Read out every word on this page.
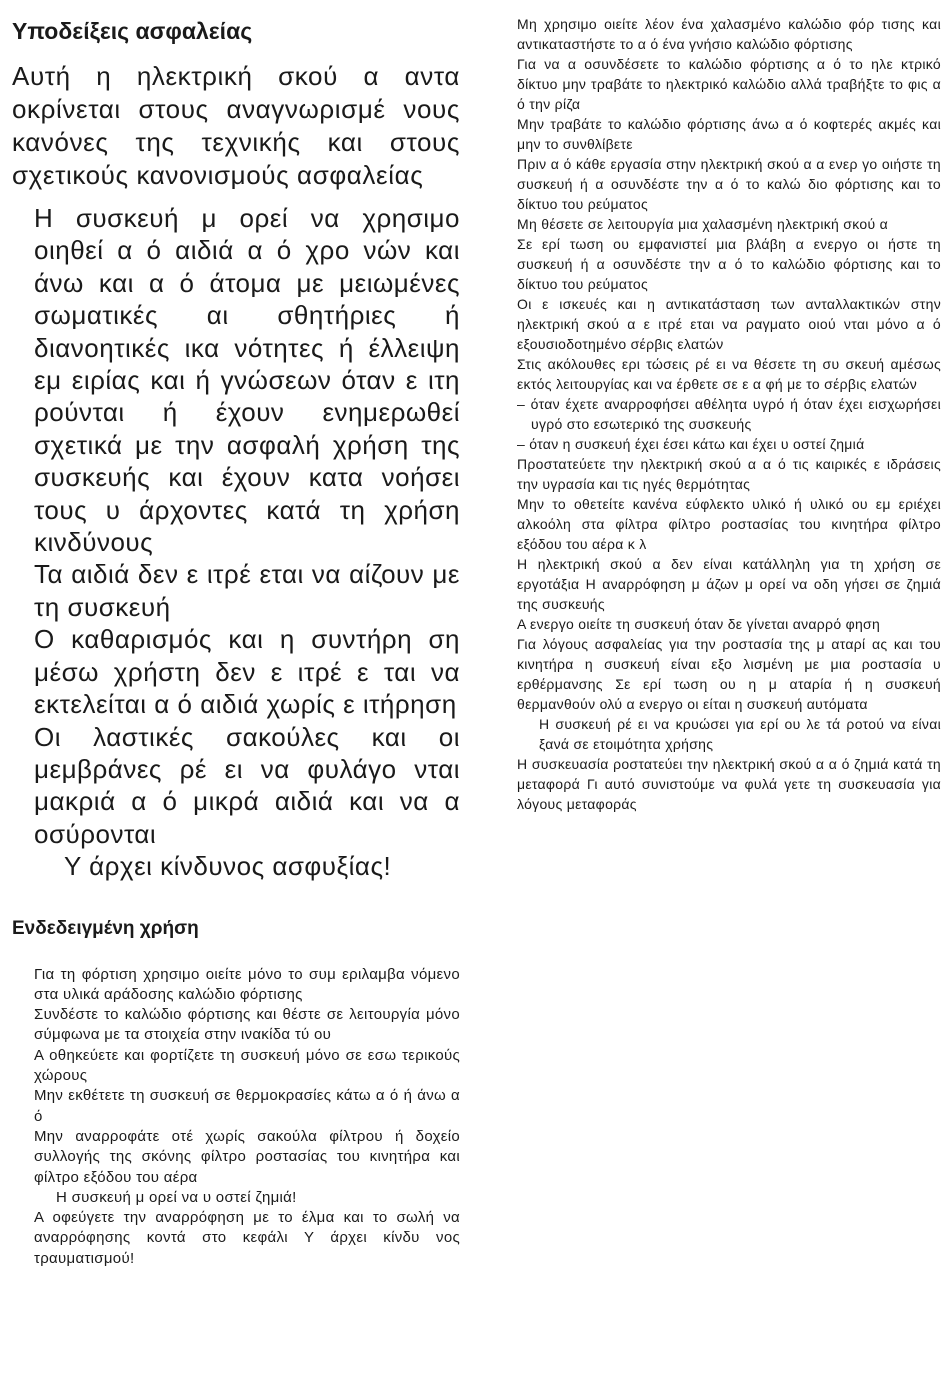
Υποδείξεις ασφαλείας

Αυτή η ηλεκτρική σκού α αντα οκρίνεται στους αναγνωρισμέ νους κανόνες της τεχνικής και στους σχετικούς κανονισμούς ασφαλείας

Η συσκευή μ ορεί να χρησιμο οιηθεί α ό αιδιά α ό χρο νών και άνω και α ό άτομα με μειωμένες σωματικές αι σθητήριες ή διανοητικές ικα νότητες ή έλλειψη εμ ειρίας και ή γνώσεων όταν ε ιτη ρούνται ή έχουν ενημερωθεί σχετικά με την ασφαλή χρήση της συσκευής και έχουν κατα νοήσει τους υ άρχοντες κατά τη χρήση κινδύνους

Τα αιδιά δεν ε ιτρέ εται να αίζουν με τη συσκευή

Ο καθαρισμός και η συντήρη ση μέσω χρήστη δεν ε ιτρέ ε ται να εκτελείται α ό αιδιά χωρίς ε ιτήρηση

Οι λαστικές σακούλες και οι μεμβράνες ρέ ει να φυλάγο νται μακριά α ό μικρά αιδιά και να α οσύρονται

Υ άρχει κίνδυνος ασφυξίας!

Ενδεδειγμένη χρήση

Για τη φόρτιση χρησιμο οιείτε μόνο το συμ εριλαμβα νόμενο στα υλικά αράδοσης καλώδιο φόρτισης

Συνδέστε το καλώδιο φόρτισης και θέστε σε λειτουργία μόνο σύμφωνα με τα στοιχεία στην ινακίδα τύ ου

Α οθηκεύετε και φορτίζετε τη συσκευή μόνο σε εσω τερικούς χώρους

Μην εκθέτετε τη συσκευή σε θερμοκρασίες κάτω α ό ή άνω α ό

Μην αναρροφάτε οτέ χωρίς σακούλα φίλτρου ή δοχείο συλλογής της σκόνης φίλτρο ροστασίας του κινητήρα και φίλτρο εξόδου του αέρα

Η συσκευή μ ορεί να υ οστεί ζημιά!

Α οφεύγετε την αναρρόφηση με το έλμα και το σωλή να αναρρόφησης κοντά στο κεφάλι Υ άρχει κίνδυ νος τραυματισμού!

Μη χρησιμο οιείτε λέον ένα χαλασμένο καλώδιο φόρ τισης και αντικαταστήστε το α ό ένα γνήσιο καλώδιο φόρτισης

Για να α οσυνδέσετε το καλώδιο φόρτισης α ό το ηλε κτρικό δίκτυο μην τραβάτε το ηλεκτρικό καλώδιο αλλά τραβήξτε το φις α ό την ρίζα

Μην τραβάτε το καλώδιο φόρτισης άνω α ό κοφτερές ακμές και μην το συνθλίβετε

Πριν α ό κάθε εργασία στην ηλεκτρική σκού α α ενερ γο οιήστε τη συσκευή ή α οσυνδέστε την α ό το καλώ διο φόρτισης και το δίκτυο του ρεύματος

Μη θέσετε σε λειτουργία μια χαλασμένη ηλεκτρική σκού α

Σε ερί τωση ου εμφανιστεί μια βλάβη α ενεργο οι ήστε τη συσκευή ή α οσυνδέστε την α ό το καλώδιο φόρτισης και το δίκτυο του ρεύματος

Οι ε ισκευές και η αντικατάσταση των ανταλλακτικών στην ηλεκτρική σκού α ε ιτρέ εται να ραγματο οιού νται μόνο α ό εξουσιοδοτημένο σέρβις ελατών

Στις ακόλουθες ερι τώσεις ρέ ει να θέσετε τη συ σκευή αμέσως εκτός λειτουργίας και να έρθετε σε ε α φή με το σέρβις ελατών

– όταν έχετε αναρροφήσει αθέλητα υγρό ή όταν έχει εισχωρήσει υγρό στο εσωτερικό της συσκευής

– όταν η συσκευή έχει έσει κάτω και έχει υ οστεί ζημιά

Προστατεύετε την ηλεκτρική σκού α α ό τις καιρικές ε ιδράσεις την υγρασία και τις ηγές θερμότητας

Μην το οθετείτε κανένα εύφλεκτο υλικό ή υλικό ου εμ εριέχει αλκοόλη στα φίλτρα φίλτρο ροστασίας του κινητήρα φίλτρο εξόδου του αέρα κ λ

Η ηλεκτρική σκού α δεν είναι κατάλληλη για τη χρήση σε εργοτάξια Η αναρρόφηση μ άζων μ ορεί να οδη γήσει σε ζημιά της συσκευής

Α ενεργο οιείτε τη συσκευή όταν δε γίνεται αναρρό φηση

Για λόγους ασφαλείας για την ροστασία της μ αταρί ας και του κινητήρα η συσκευή είναι εξο λισμένη με μια ροστασία υ ερθέρμανσης Σε ερί τωση ου η μ αταρία ή η συσκευή θερμανθούν ολύ α ενεργο οι είται η συσκευή αυτόματα

Η συσκευή ρέ ει να κρυώσει για ερί ου λε τά ροτού να είναι ξανά σε ετοιμότητα χρήσης

Η συσκευασία ροστατεύει την ηλεκτρική σκού α α ό ζημιά κατά τη μεταφορά Γι αυτό συνιστούμε να φυλά γετε τη συσκευασία για λόγους μεταφοράς
